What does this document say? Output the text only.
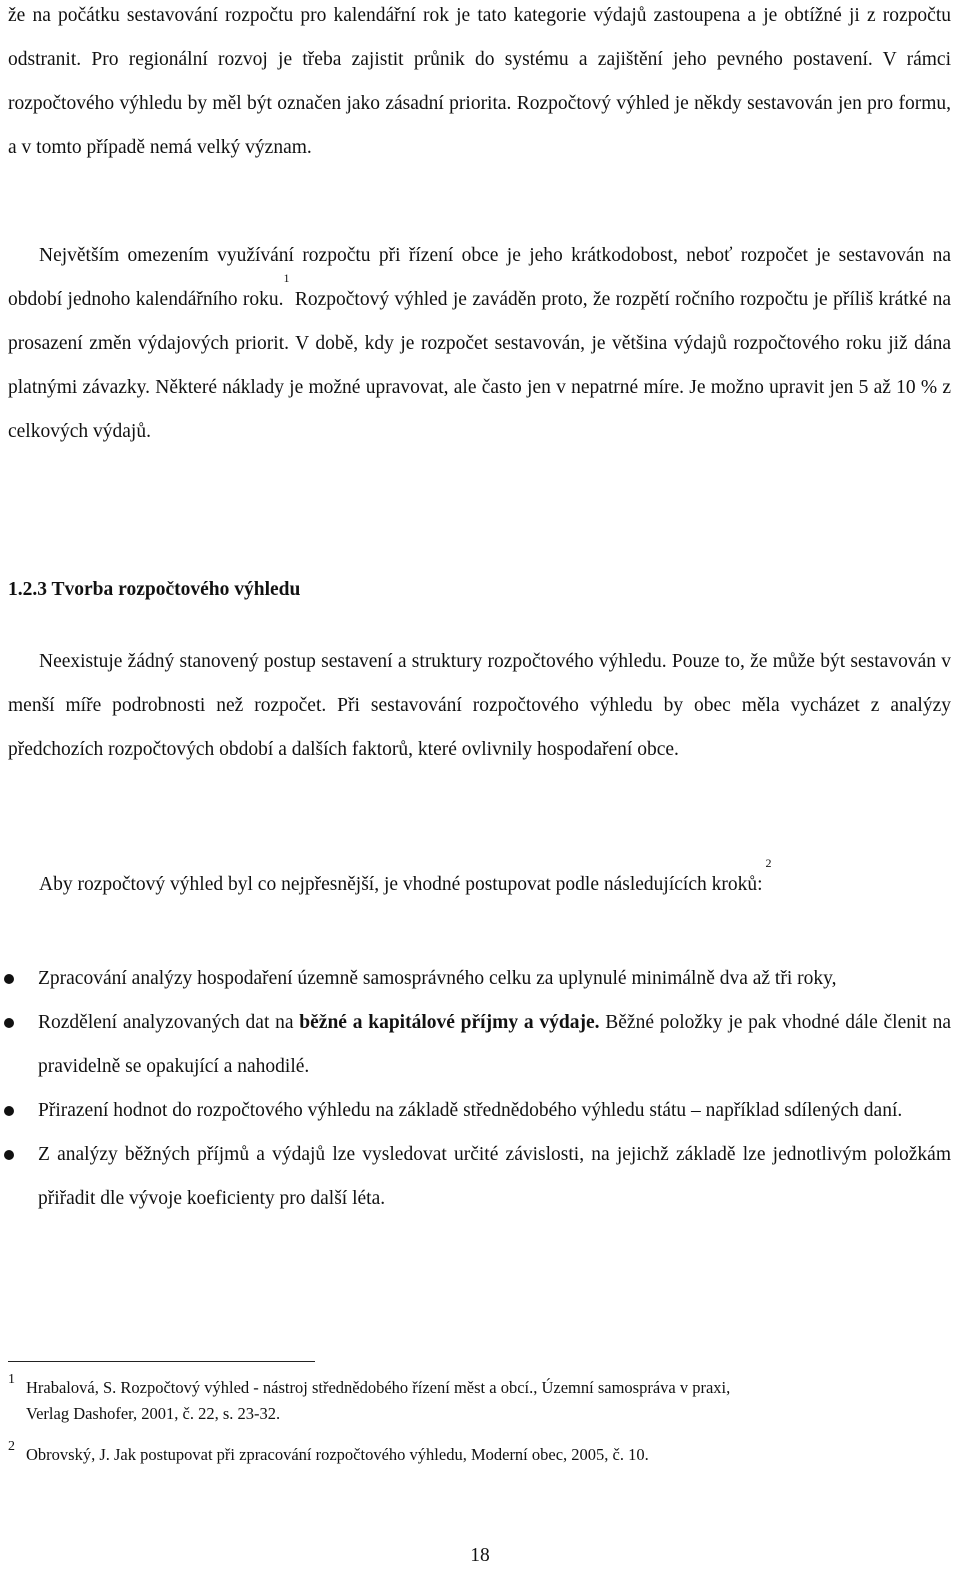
že na počátku sestavování rozpočtu pro kalendářní rok je tato kategorie výdajů zastoupena a je obtížné ji z rozpočtu odstranit. Pro regionální rozvoj je třeba zajistit průnik do systému a zajištění jeho pevného postavení. V rámci rozpočtového výhledu by měl být označen jako zásadní priorita. Rozpočtový výhled je někdy sestavován jen pro formu, a v tomto případě nemá velký význam.

Největším omezením využívání rozpočtu při řízení obce je jeho krátkodobost, neboť rozpočet je sestavován na období jednoho kalendářního roku.$^1$ Rozpočtový výhled je zaváděn proto, že rozpětí ročního rozpočtu je příliš krátké na prosazení změn výdajových priorit. V době, kdy je rozpočet sestavován, je většina výdajů rozpočtového roku již dána platnými závazky. Některé náklady je možné upravovat, ale často jen v nepatrné míre. Je možno upravit jen 5 až 10 % z celkových výdajů.

1.2.3 Tvorba rozpočtového výhledu

Neexistuje žádný stanovený postup sestavení a struktury rozpočtového výhledu. Pouze to, že může být sestavován v menší míře podrobnosti než rozpočet. Při sestavování rozpočtového výhledu by obec měla vycházet z analýzy předchozích rozpočtových období a dalších faktorů, které ovlivnily hospodaření obce.

Aby rozpočtový výhled byl co nejpřesnější, je vhodné postupovat podle následujících kroků: $^2$

Zpracování analýzy hospodaření územně samosprávného celku za uplynulé minimálně dva až tři roky,
Rozdělení analyzovaných dat na běžné a kapitálové příjmy a výdaje. Běžné položky je pak vhodné dále členit na pravidelně se opakující a nahodilé.
Přirazení hodnot do rozpočtového výhledu na základě střednědobého výhledu státu – například sdílených daní.
Z analýzy běžných příjmů a výdajů lze vysledovat určité závislosti, na jejichž základě lze jednotlivým položkám přiřadit dle vývoje koeficienty pro další léta.

1 Hrabalová, S. Rozpočtový výhled - nástroj střednědobého řízení měst a obcí., Územní samospráva v praxi,
Verlag Dashofer, 2001, č. 22, s. 23-32.

2 Obrovský, J. Jak postupovat při zpracování rozpočtového výhledu, Moderní obec, 2005, č. 10.

18
